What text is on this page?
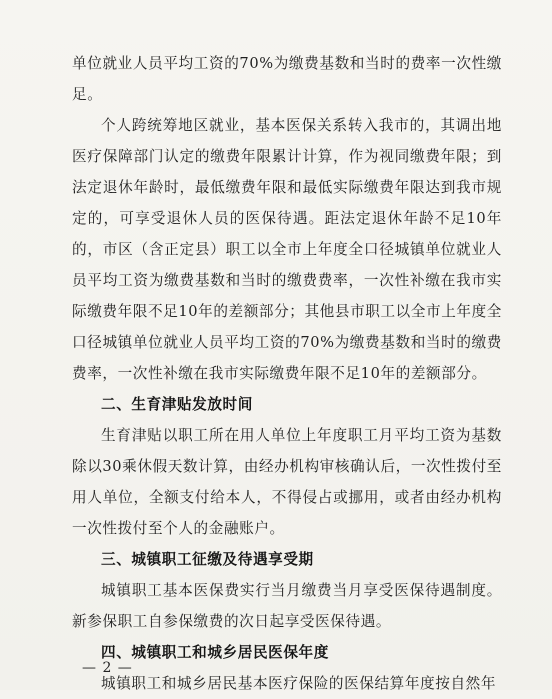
单位就业人员平均工资的70%为缴费基数和当时的费率一次性缴足。

个人跨统筹地区就业，基本医保关系转入我市的，其调出地医疗保障部门认定的缴费年限累计计算，作为视同缴费年限；到法定退休年龄时，最低缴费年限和最低实际缴费年限达到我市规定的，可享受退休人员的医保待遇。距法定退休年龄不足10年的，市区（含正定县）职工以全市上年度全口径城镇单位就业人员平均工资为缴费基数和当时的缴费费率，一次性补缴在我市实际缴费年限不足10年的差额部分；其他县市职工以全市上年度全口径城镇单位就业人员平均工资的70%为缴费基数和当时的缴费费率，一次性补缴在我市实际缴费年限不足10年的差额部分。

二、生育津贴发放时间

生育津贴以职工所在用人单位上年度职工月平均工资为基数除以30乘休假天数计算，由经办机构审核确认后，一次性拨付至用人单位，全额支付给本人，不得侵占或挪用，或者由经办机构一次性拨付至个人的金融账户。

三、城镇职工征缴及待遇享受期

城镇职工基本医保费实行当月缴费当月享受医保待遇制度。新参保职工自参保缴费的次日起享受医保待遇。

四、城镇职工和城乡居民医保年度

城镇职工和城乡居民基本医疗保险的医保结算年度按自然年

— 2 —
